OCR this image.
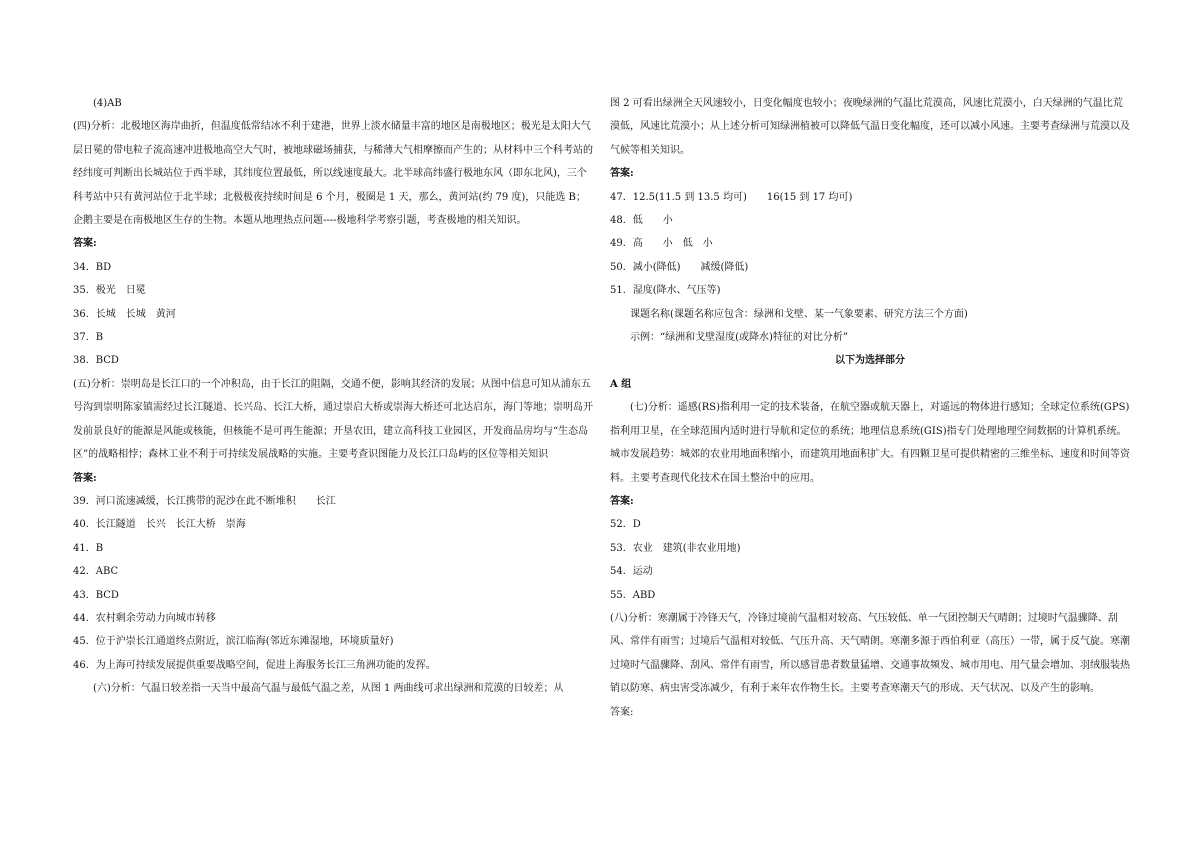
(4)AB

(四)分析：北极地区海岸曲折，但温度低常结冰不利于建港，世界上淡水储量丰富的地区是南极地区；极光是太阳大气层日冕的带电粒子流高速冲进极地高空大气时，被地球磁场捕获，与稀薄大气相摩擦而产生的；从材料中三个科考站的经纬度可判断出长城站位于西半球，其纬度位置最低，所以线速度最大。北半球高纬盛行极地东风（即东北风)，三个科考站中只有黄河站位于北半球；北极极夜持续时间是 6 个月，极圈是 1 天，那么，黄河站(约 79 度)，只能选 B；企鹅主要是在南极地区生存的生物。本题从地理热点问题----极地科学考察引题，考查极地的相关知识。

答案:

34．BD

35．极光　日冕

36．长城　长城　黄河

37．B

38．BCD

(五)分析：崇明岛是长江口的一个冲积岛，由于长江的阻隔，交通不便，影响其经济的发展；从图中信息可知从浦东五号沟到崇明陈家镇需经过长江隧道、长兴岛、长江大桥，通过崇启大桥或崇海大桥还可北达启东，海门等地；崇明岛开发前景良好的能源是风能或核能，但核能不是可再生能源；开垦农田，建立高科技工业园区，开发商品房均与“生态岛区”的战略相悖；森林工业不利于可持续发展战略的实施。主要考查识图能力及长江口岛屿的区位等相关知识

答案:

39．河口流速减缓，长江携带的泥沙在此不断堆积　　长江

40．长江隧道　长兴　长江大桥　崇海

41．B

42．ABC

43．BCD

44．农村剩余劳动力向城市转移

45．位于沪崇长江通道终点附近，滨江临海(邻近东滩湿地，环境质量好)

46．为上海可持续发展提供重要战略空间，促进上海服务长江三角洲功能的发挥。

(六)分析：气温日较差指一天当中最高气温与最低气温之差，从图 1 两曲线可求出绿洲和荒漠的日较差；从

图 2 可看出绿洲全天风速较小，日变化幅度也较小；夜晚绿洲的气温比荒漠高，风速比荒漠小，白天绿洲的气温比荒漠低，风速比荒漠小；从上述分析可知绿洲植被可以降低气温日变化幅度，还可以减小风速。主要考查绿洲与荒漠以及气候等相关知识。

答案:

47．12.5(11.5 到 13.5 均可)　　16(15 到 17 均可)

48．低　　小

49．高　　小　低　小

50．减小(降低)　　减缓(降低)

51．湿度(降水、气压等)

课题名称(课题名称应包含：绿洲和戈壁、某一气象要素、研究方法三个方面)

示例：“绿洲和戈壁湿度(或降水)特征的对比分析”

以下为选择部分

A 组

(七)分析：遥感(RS)指利用一定的技术装备，在航空器或航天器上，对遥远的物体进行感知；全球定位系统(GPS)指利用卫星，在全球范围内适时进行导航和定位的系统；地理信息系统(GIS)指专门处理地理空间数据的计算机系统。城市发展趋势：城郊的农业用地面积缩小，而建筑用地面积扩大。有四颗卫星可提供精密的三维坐标、速度和时间等资料。主要考查现代化技术在国土整治中的应用。

答案:

52．D

53．农业　建筑(非农业用地)

54．运动

55．ABD

(八)分析：寒潮属于冷锋天气，冷锋过境前气温相对较高、气压较低、单一气团控制天气晴朗；过境时气温骤降、刮风、常伴有雨雪；过境后气温相对较低、气压升高、天气晴朗。寒潮多源于西伯利亚（高压）一带，属于反气旋。寒潮过境时气温骤降、刮风、常伴有雨雪，所以感冒患者数量猛增、交通事故频发、城市用电、用气量会增加、羽绒服装热销以防寒、病虫害受冻减少，有利于来年农作物生长。主要考查寒潮天气的形成、天气状况、以及产生的影响。

答案:
